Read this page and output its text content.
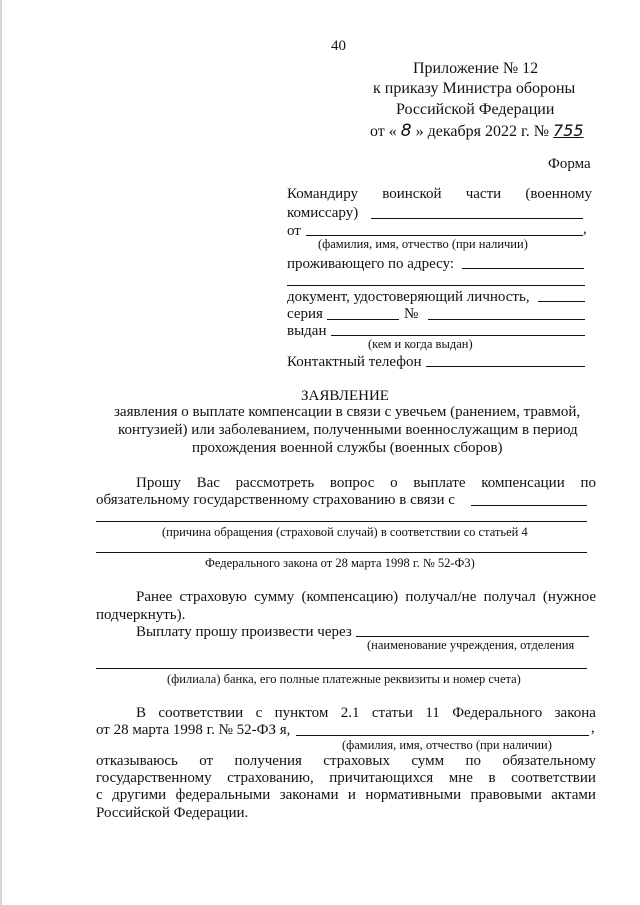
40
Приложение № 12
к приказу Министра обороны
Российской Федерации
от « 8 » декабря 2022 г. № 755
Форма
Командиру воинской части (военному
комиссару)
от	,
(фамилия, имя, отчество (при наличии)
проживающего по адресу:
документ, удостоверяющий личность,
серия	№
выдан
(кем и когда выдан)
Контактный телефон
ЗАЯВЛЕНИЕ
заявления о выплате компенсации в связи с увечьем (ранением, травмой,
контузией) или заболеванием, полученными военнослужащим в период
прохождения военной службы (военных сборов)
Прошу Вас рассмотреть вопрос о выплате компенсации по
обязательному государственному страхованию в связи с
(причина обращения (страховой случай) в соответствии со статьей 4
Федерального закона от 28 марта 1998 г. № 52-ФЗ)
Ранее страховую сумму (компенсацию) получал/не получал (нужное
подчеркнуть).
Выплату прошу произвести через
(наименование учреждения, отделения
(филиала) банка, его полные платежные реквизиты и номер счета)
В соответствии с пунктом 2.1 статьи 11 Федерального закона
от 28 марта 1998 г. № 52-ФЗ я,	,
(фамилия, имя, отчество (при наличии)
отказываюсь от получения страховых сумм по обязательному
государственному страхованию, причитающихся мне в соответствии
с другими федеральными законами и нормативными правовыми актами
Российской Федерации.
